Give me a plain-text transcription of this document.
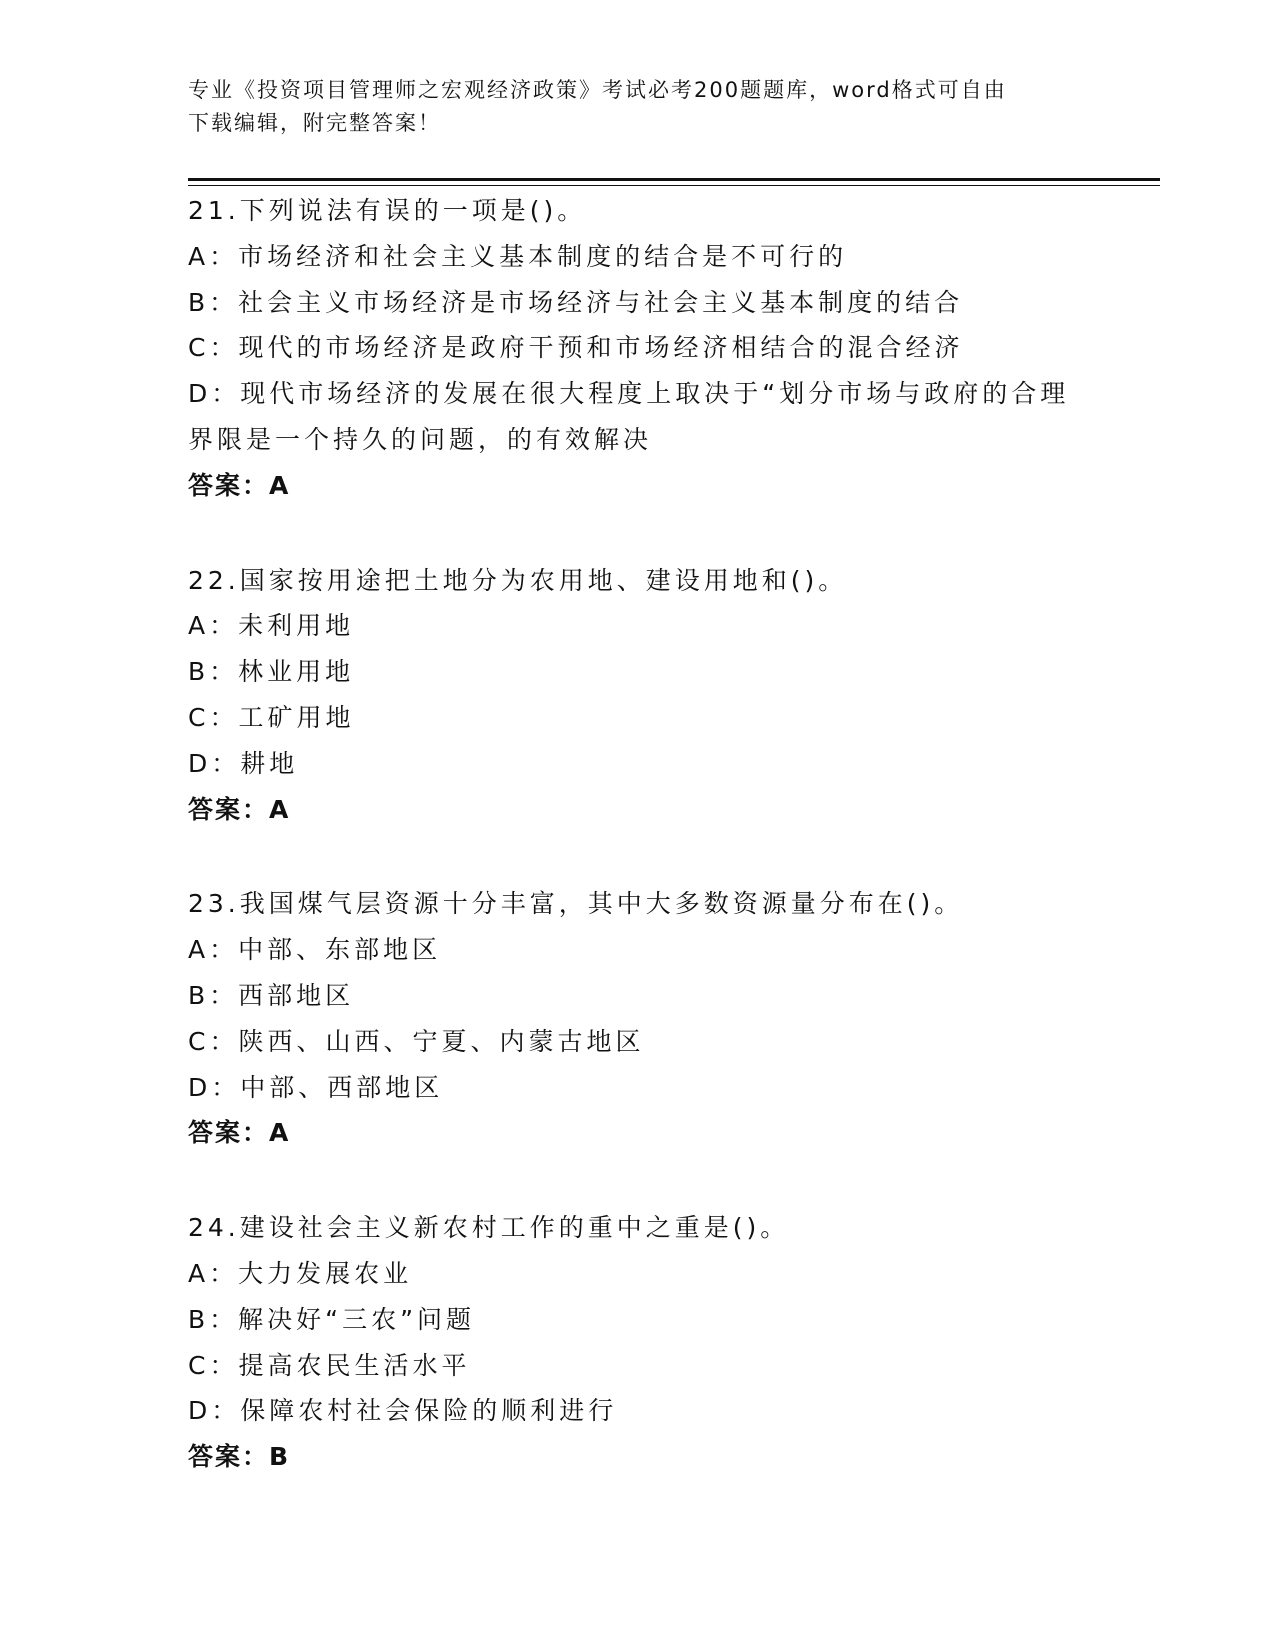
专业《投资项目管理师之宏观经济政策》考试必考200题题库，word格式可自由
下载编辑，附完整答案！
21.下列说法有误的一项是()。
A：市场经济和社会主义基本制度的结合是不可行的
B：社会主义市场经济是市场经济与社会主义基本制度的结合
C：现代的市场经济是政府干预和市场经济相结合的混合经济
D：现代市场经济的发展在很大程度上取决于“划分市场与政府的合理
界限是一个持久的问题，的有效解决
答案：A
22.国家按用途把土地分为农用地、建设用地和()。
A：未利用地
B：林业用地
C：工矿用地
D：耕地
答案：A
23.我国煤气层资源十分丰富，其中大多数资源量分布在()。
A：中部、东部地区
B：西部地区
C：陕西、山西、宁夏、内蒙古地区
D：中部、西部地区
答案：A
24.建设社会主义新农村工作的重中之重是()。
A：大力发展农业
B：解决好“三农”问题
C：提高农民生活水平
D：保障农村社会保险的顺利进行
答案：B
